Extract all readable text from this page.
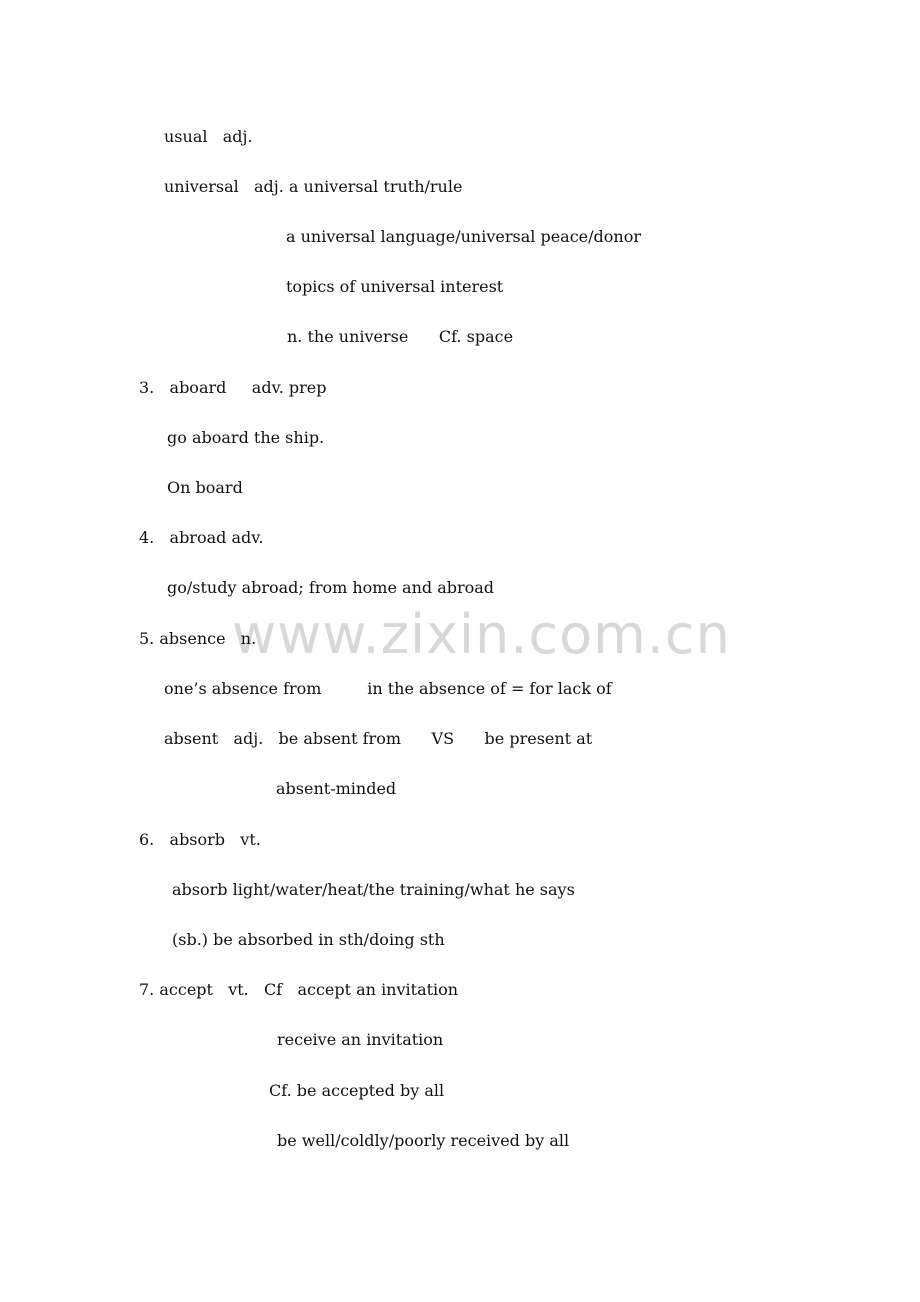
www.zixin.com.cn
usual   adj.
universal   adj. a universal truth/rule
a universal language/universal peace/donor
topics of universal interest
n. the universe      Cf. space
3.   aboard     adv. prep
go aboard the ship.
On board
4.   abroad adv.
go/study abroad; from home and abroad
5. absence   n.
one’s absence from         in the absence of = for lack of
absent   adj.   be absent from      VS      be present at
absent-minded
6.   absorb   vt.
absorb light/water/heat/the training/what he says
(sb.) be absorbed in sth/doing sth
7. accept   vt.   Cf   accept an invitation
receive an invitation
Cf. be accepted by all
be well/coldly/poorly received by all
